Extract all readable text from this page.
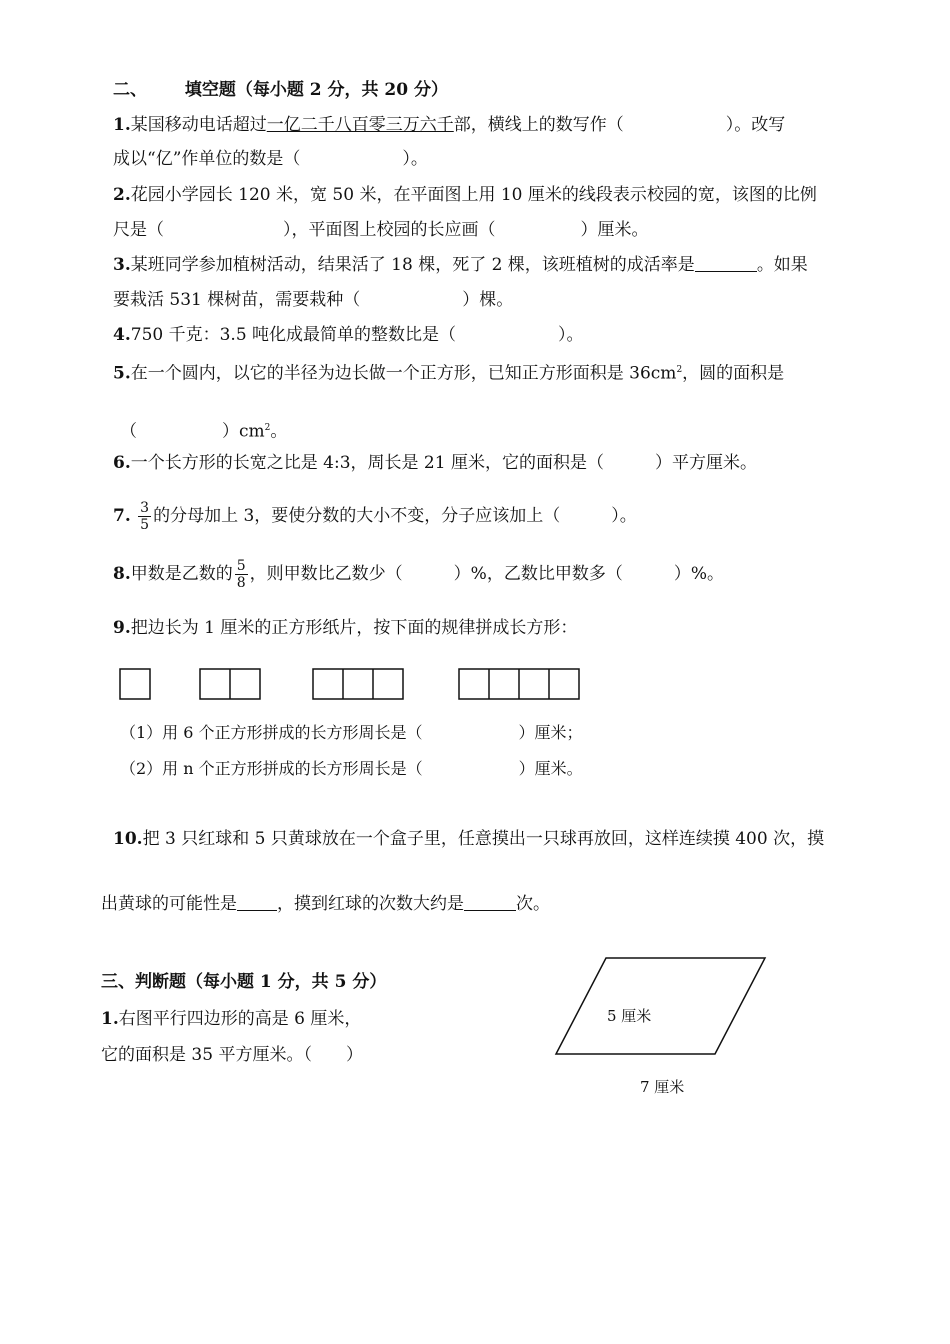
二、 填空题（每小题 2 分，共 20 分）
1.某国移动电话超过一亿二千八百零三万六千部，横线上的数写作（　　　　　　）。改写
成以“亿”作单位的数是（　　　　　　）。
2.花园小学园长 120 米，宽 50 米，在平面图上用 10 厘米的线段表示校园的宽，该图的比例
尺是（　　　　　　　），平面图上校园的长应画（　　　　　）厘米。
3.某班同学参加植树活动，结果活了 18 棵，死了 2 棵，该班植树的成活率是	。如果
要栽活 531 棵树苗，需要栽种（　　　　　　）棵。
4.750 千克：3.5 吨化成最简单的整数比是（　　　　　　）。
5.在一个圆内，以它的半径为边长做一个正方形，已知正方形面积是 $36cm^2$，圆的面积是
（　　　　　）$cm^2$。
6.一个长方形的长宽之比是 4:3，周长是 21 厘米，它的面积是（　　　）平方厘米。
7. $\frac{3}{5}$ 的分母加上 3，要使分数的大小不变，分子应该加上（　　　）。
8.甲数是乙数的 $\frac{5}{8}$ ，则甲数比乙数少（　　　）%，乙数比甲数多（　　　）%。
9.把边长为 1 厘米的正方形纸片，按下面的规律拼成长方形：
（1）用 6 个正方形拼成的长方形周长是（　　　　　　）厘米；
（2）用 n 个正方形拼成的长方形周长是（　　　　　　）厘米。
10.把 3 只红球和 5 只黄球放在一个盒子里，任意摸出一只球再放回，这样连续摸 400 次，摸
出黄球的可能性是 ，摸到红球的次数大约是	次。
三、判断题（每小题 1 分，共 5 分）
1.右图平行四边形的高是 6 厘米，
它的面积是 35 平方厘米。（　　）
5 厘米
7 厘米
